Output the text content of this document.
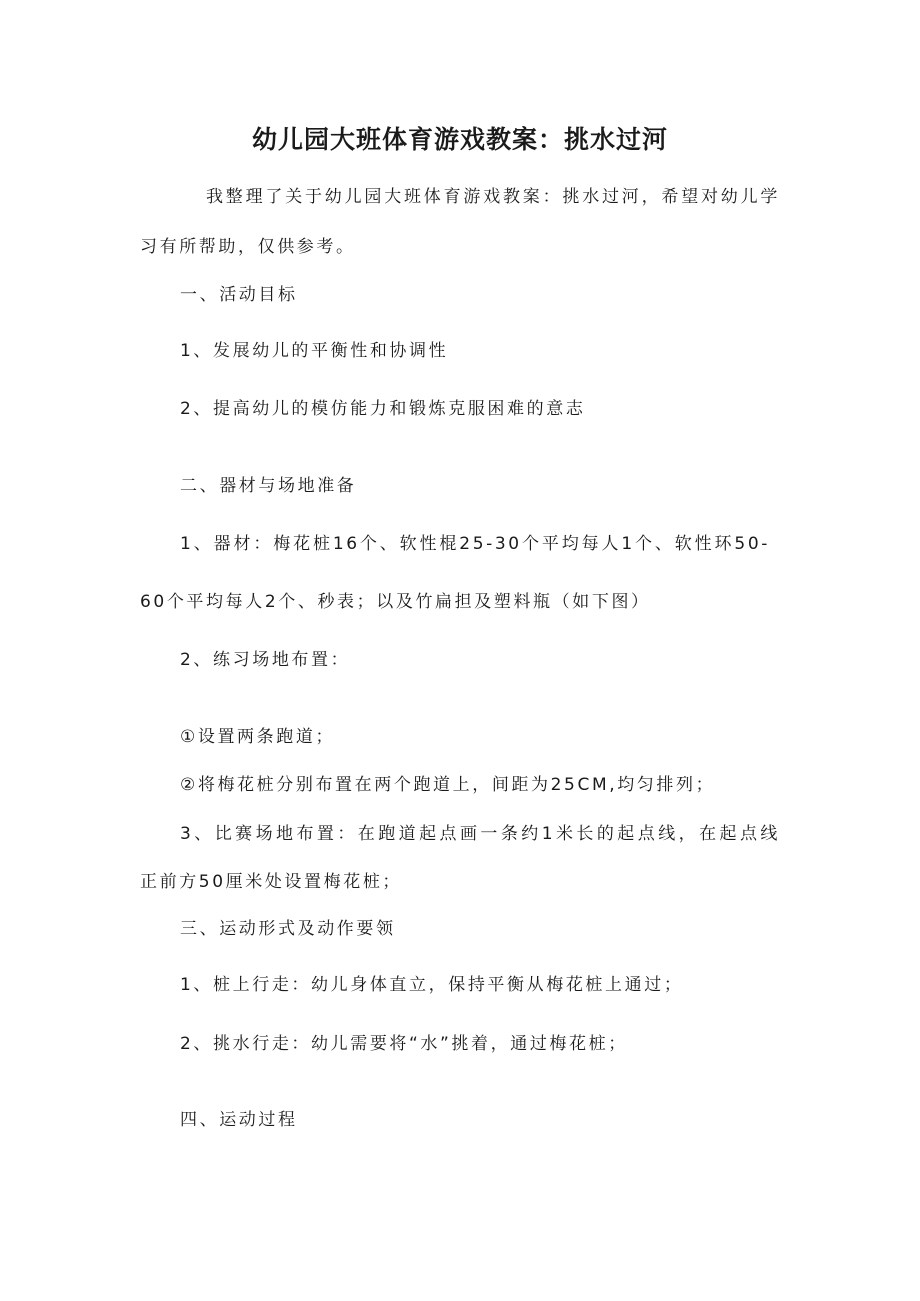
幼儿园大班体育游戏教案：挑水过河
我整理了关于幼儿园大班体育游戏教案：挑水过河，希望对幼儿学
习有所帮助，仅供参考。
一、活动目标
1、发展幼儿的平衡性和协调性
2、提高幼儿的模仿能力和锻炼克服困难的意志
二、器材与场地准备
1、器材：梅花桩16个、软性棍25-30个平均每人1个、软性环50-
60个平均每人2个、秒表；以及竹扁担及塑料瓶（如下图）
2、练习场地布置：
①设置两条跑道；
②将梅花桩分别布置在两个跑道上，间距为25CM,均匀排列；
3、比赛场地布置：在跑道起点画一条约1米长的起点线，在起点线
正前方50厘米处设置梅花桩；
三、运动形式及动作要领
1、桩上行走：幼儿身体直立，保持平衡从梅花桩上通过；
2、挑水行走：幼儿需要将“水”挑着，通过梅花桩；
四、运动过程
